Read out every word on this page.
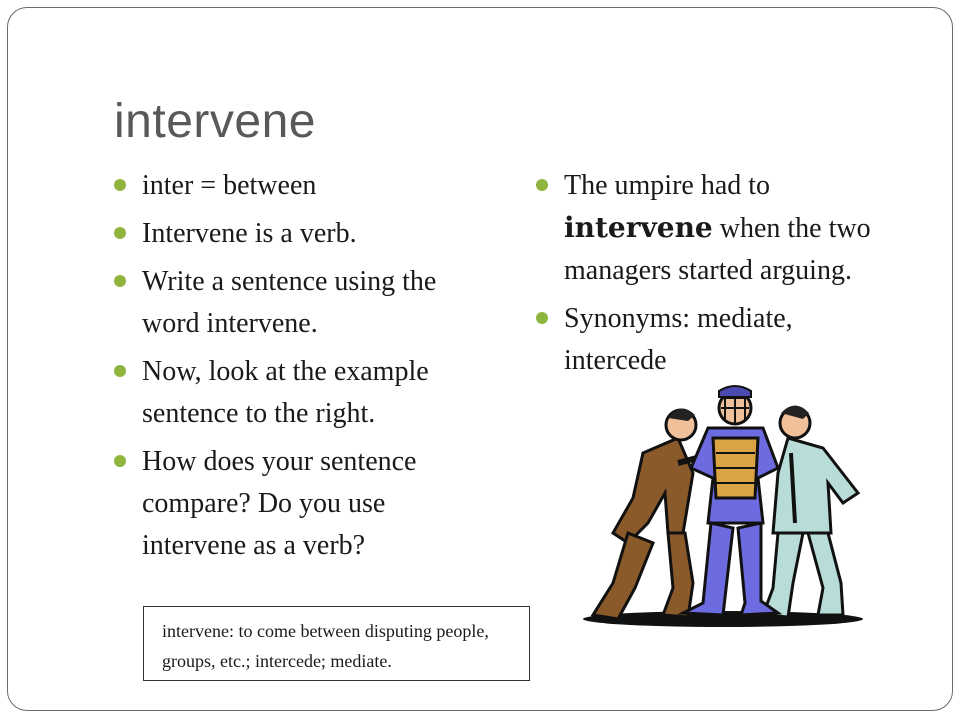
intervene
inter = between
Intervene is a verb.
Write a sentence using the word intervene.
Now, look at the example sentence to the right.
How does your sentence compare? Do you use intervene as a verb?
The umpire had to intervene when the two managers started arguing.
Synonyms: mediate, intercede
intervene: to come between disputing people, groups, etc.; intercede; mediate.
